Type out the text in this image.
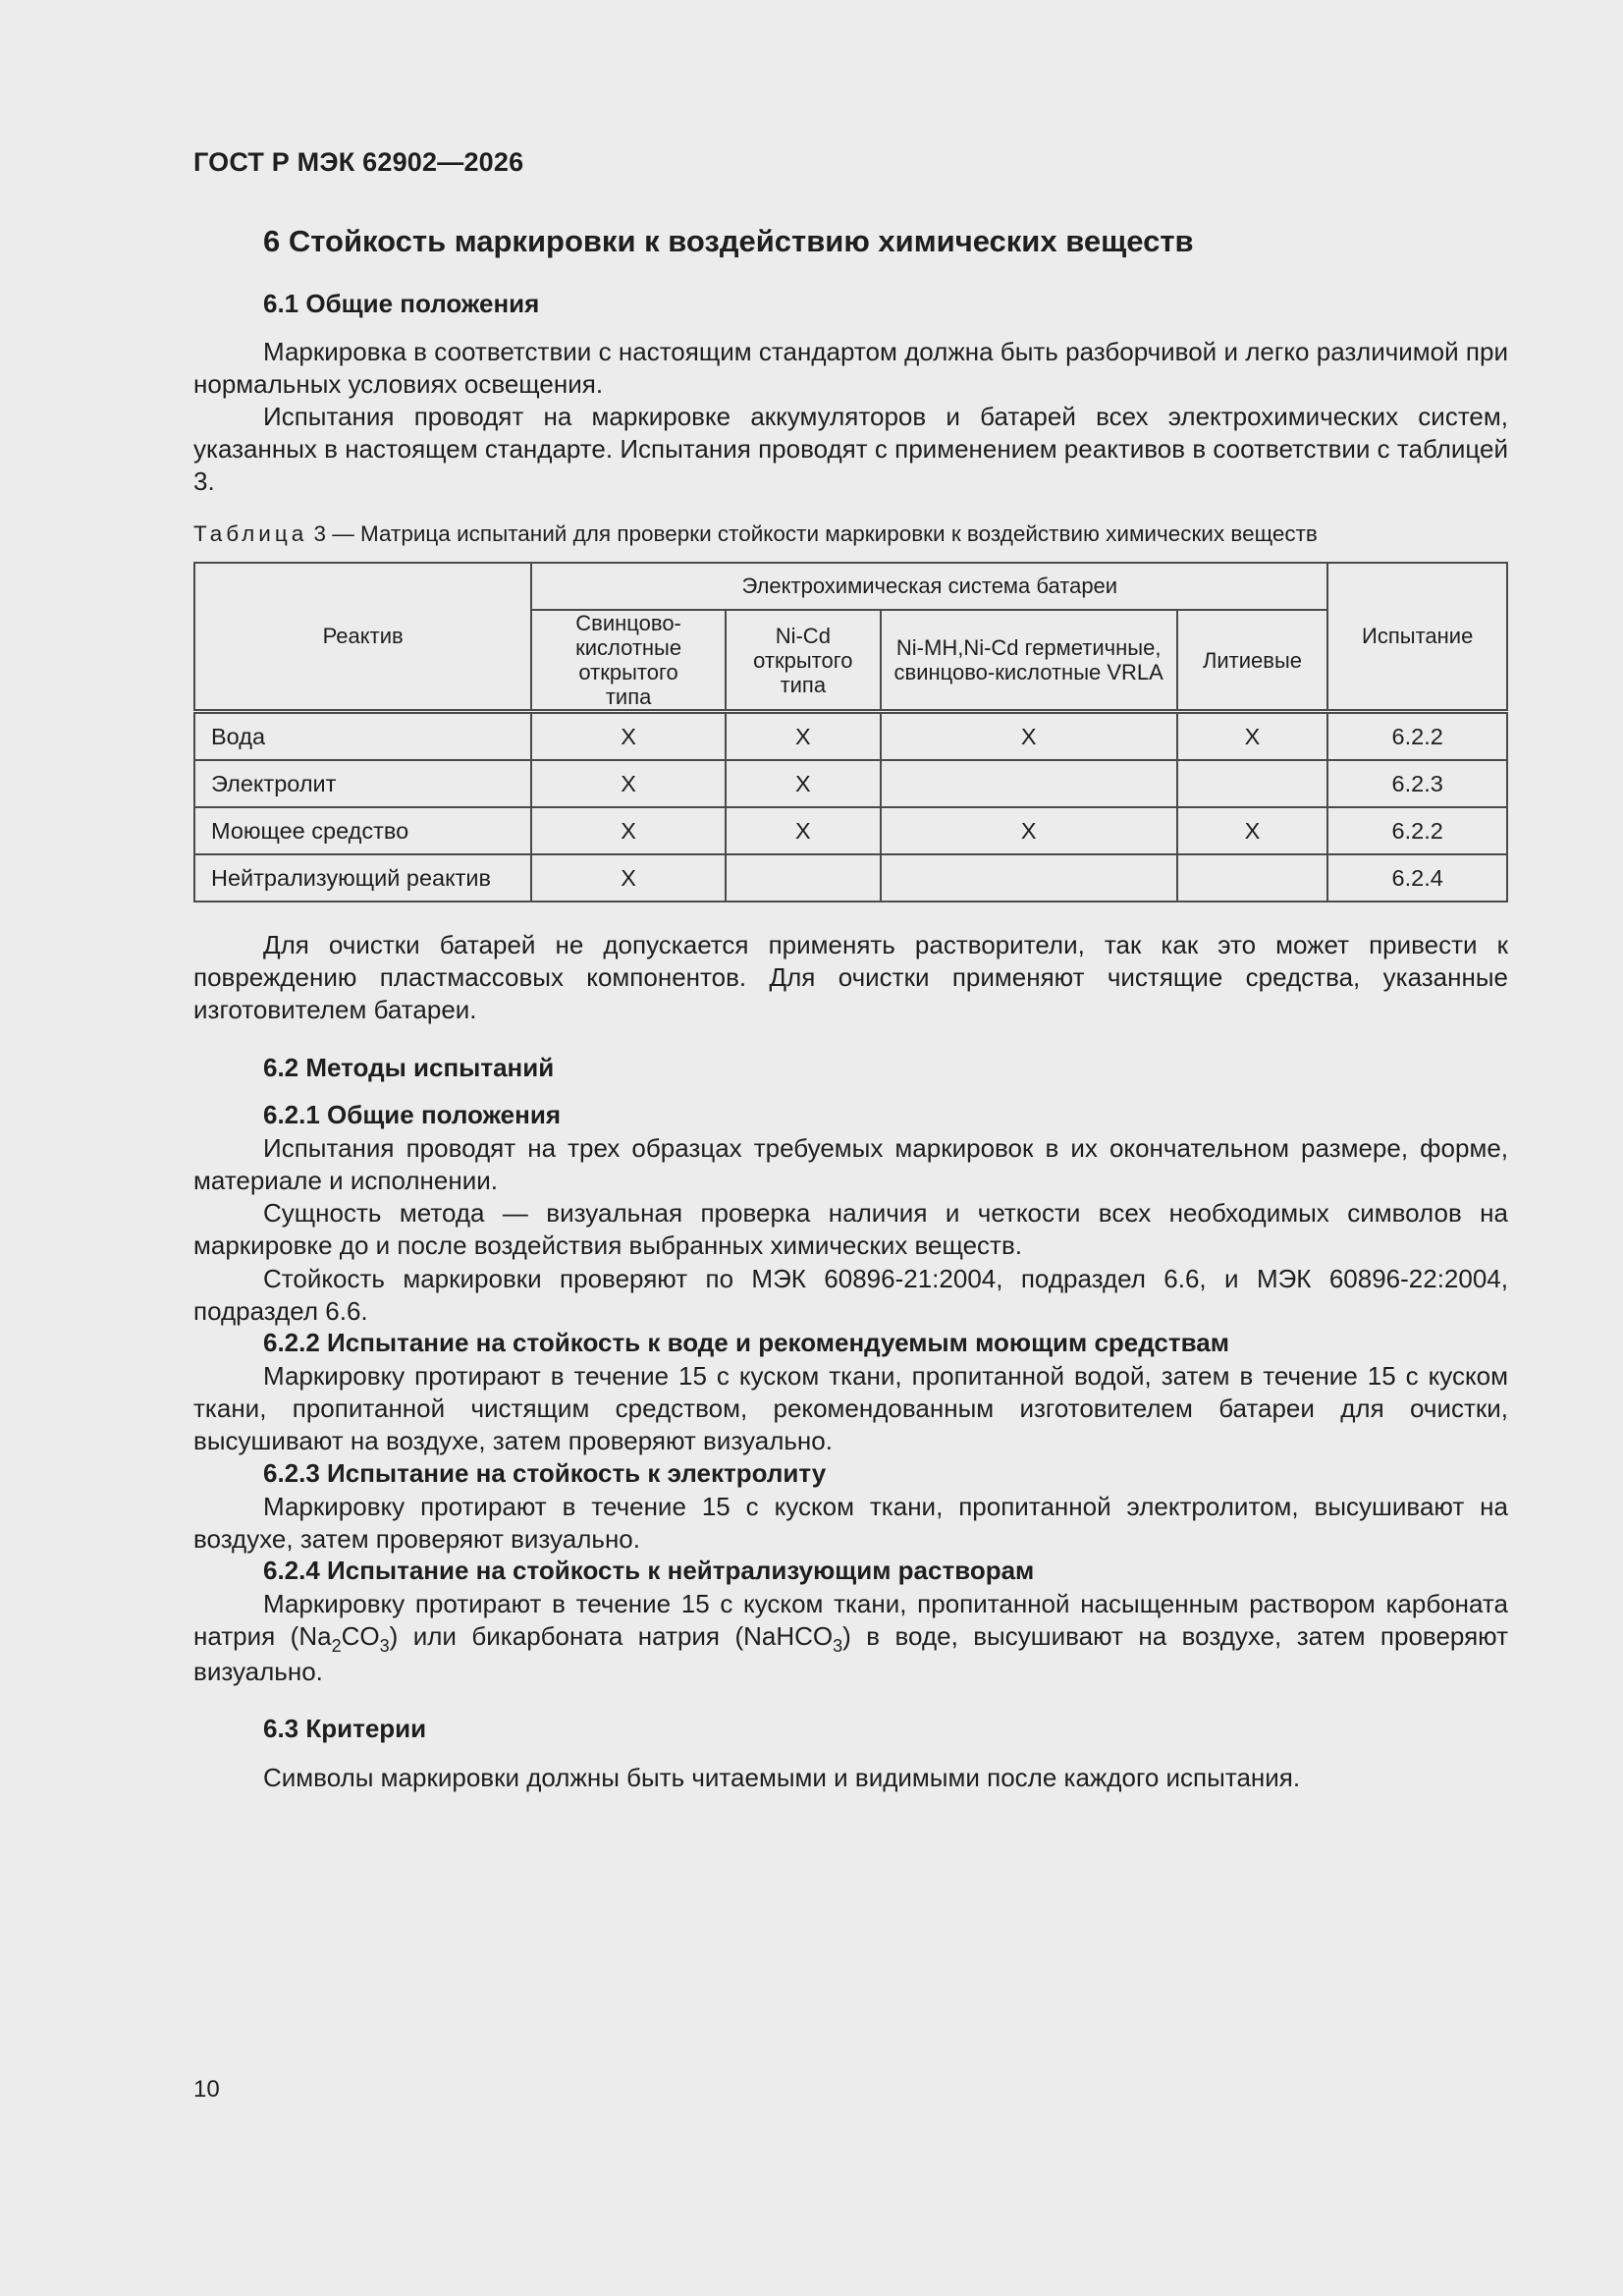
ГОСТ Р МЭК 62902—2026
6 Стойкость маркировки к воздействию химических веществ
6.1 Общие положения
Маркировка в соответствии с настоящим стандартом должна быть разборчивой и легко различимой при нормальных условиях освещения.
Испытания проводят на маркировке аккумуляторов и батарей всех электрохимических систем, указанных в настоящем стандарте. Испытания проводят с применением реактивов в соответствии с таблицей 3.
Таблица 3 — Матрица испытаний для проверки стойкости маркировки к воздействию химических веществ
Реактив	Электрохимическая система батареи				Испытание

	Свинцово-кислотные открытого типа	Ni-Cd открытого типа	Ni-MH,Ni-Cd герметичные, свинцово-кислотные VRLA	Литиевые	
Вода	X	X	X	X	6.2.2
Электролит	X	X			6.2.3
Моющее средство	X	X	X	X	6.2.2
Нейтрализующий реактив	X				6.2.4
Для очистки батарей не допускается применять растворители, так как это может привести к повреждению пластмассовых компонентов. Для очистки применяют чистящие средства, указанные изготовителем батареи.
6.2 Методы испытаний
6.2.1 Общие положения
Испытания проводят на трех образцах требуемых маркировок в их окончательном размере, форме, материале и исполнении.
Сущность метода — визуальная проверка наличия и четкости всех необходимых символов на маркировке до и после воздействия выбранных химических веществ.
Стойкость маркировки проверяют по МЭК 60896-21:2004, подраздел 6.6, и МЭК 60896-22:2004, подраздел 6.6.
6.2.2 Испытание на стойкость к воде и рекомендуемым моющим средствам
Маркировку протирают в течение 15 с куском ткани, пропитанной водой, затем в течение 15 с куском ткани, пропитанной чистящим средством, рекомендованным изготовителем батареи для очистки, высушивают на воздухе, затем проверяют визуально.
6.2.3 Испытание на стойкость к электролиту
Маркировку протирают в течение 15 с куском ткани, пропитанной электролитом, высушивают на воздухе, затем проверяют визуально.
6.2.4 Испытание на стойкость к нейтрализующим растворам
Маркировку протирают в течение 15 с куском ткани, пропитанной насыщенным раствором карбоната натрия $(Na_2CO_3)$ или бикарбоната натрия (NaHCO$_3$) в воде, высушивают на воздухе, затем проверяют визуально.
6.3 Критерии
Символы маркировки должны быть читаемыми и видимыми после каждого испытания.
10
